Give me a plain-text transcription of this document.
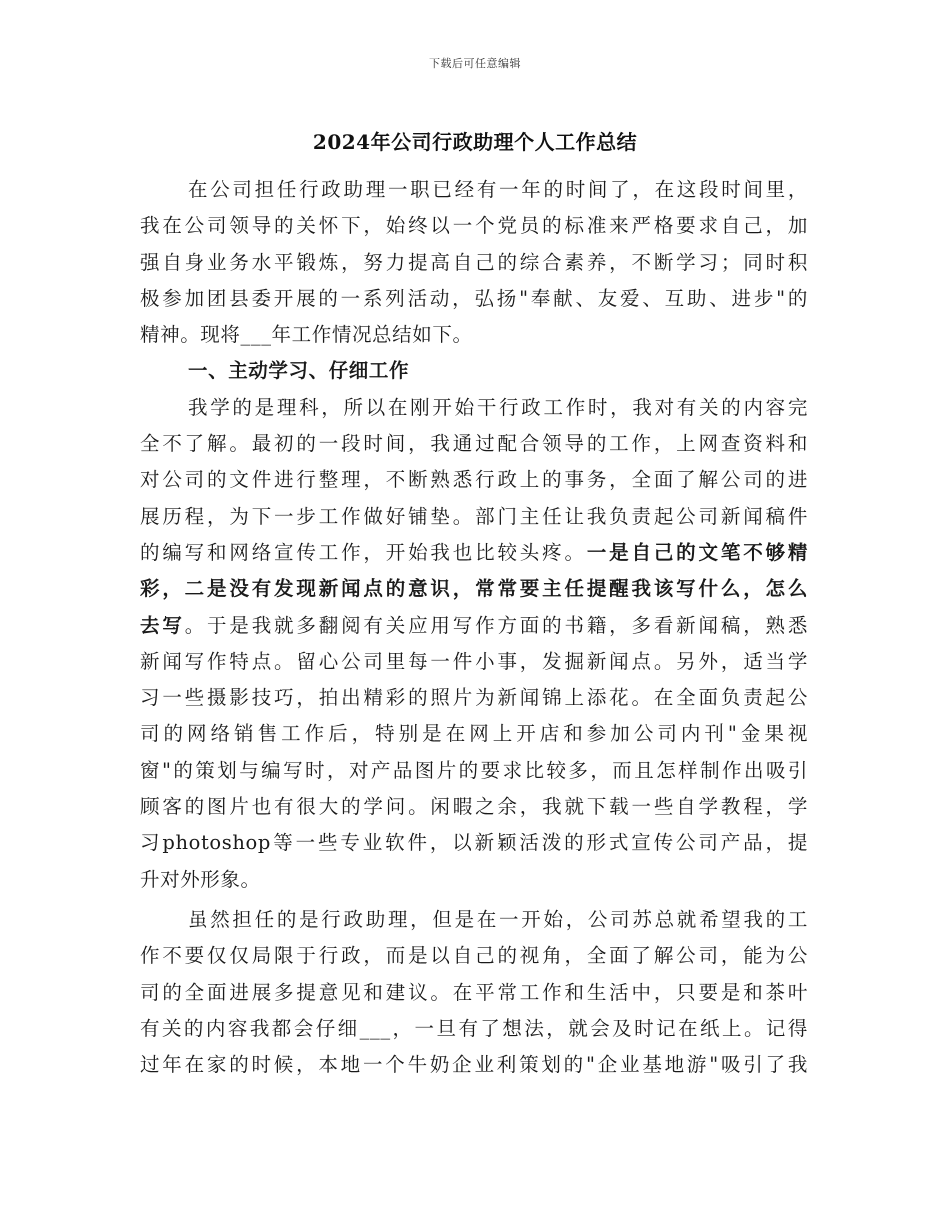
下载后可任意编辑
2024年公司行政助理个人工作总结
在公司担任行政助理一职已经有一年的时间了，在这段时间里，
我在公司领导的关怀下，始终以一个党员的标准来严格要求自己，加
强自身业务水平锻炼，努力提高自己的综合素养，不断学习；同时积
极参加团县委开展的一系列活动，弘扬"奉献、友爱、互助、进步"的
精神。现将___年工作情况总结如下。
一、主动学习、仔细工作
我学的是理科，所以在刚开始干行政工作时，我对有关的内容完
全不了解。最初的一段时间，我通过配合领导的工作，上网查资料和
对公司的文件进行整理，不断熟悉行政上的事务，全面了解公司的进
展历程，为下一步工作做好铺垫。部门主任让我负责起公司新闻稿件
的编写和网络宣传工作，开始我也比较头疼。一是自己的文笔不够精
彩，二是没有发现新闻点的意识，常常要主任提醒我该写什么，怎么
去写。于是我就多翻阅有关应用写作方面的书籍，多看新闻稿，熟悉
新闻写作特点。留心公司里每一件小事，发掘新闻点。另外，适当学
习一些摄影技巧，拍出精彩的照片为新闻锦上添花。在全面负责起公
司的网络销售工作后，特别是在网上开店和参加公司内刊"金果视
窗"的策划与编写时，对产品图片的要求比较多，而且怎样制作出吸引
顾客的图片也有很大的学问。闲暇之余，我就下载一些自学教程，学
习photoshop等一些专业软件，以新颖活泼的形式宣传公司产品，提
升对外形象。
虽然担任的是行政助理，但是在一开始，公司苏总就希望我的工
作不要仅仅局限于行政，而是以自己的视角，全面了解公司，能为公
司的全面进展多提意见和建议。在平常工作和生活中，只要是和茶叶
有关的内容我都会仔细___，一旦有了想法，就会及时记在纸上。记得
过年在家的时候，本地一个牛奶企业利策划的"企业基地游"吸引了我
